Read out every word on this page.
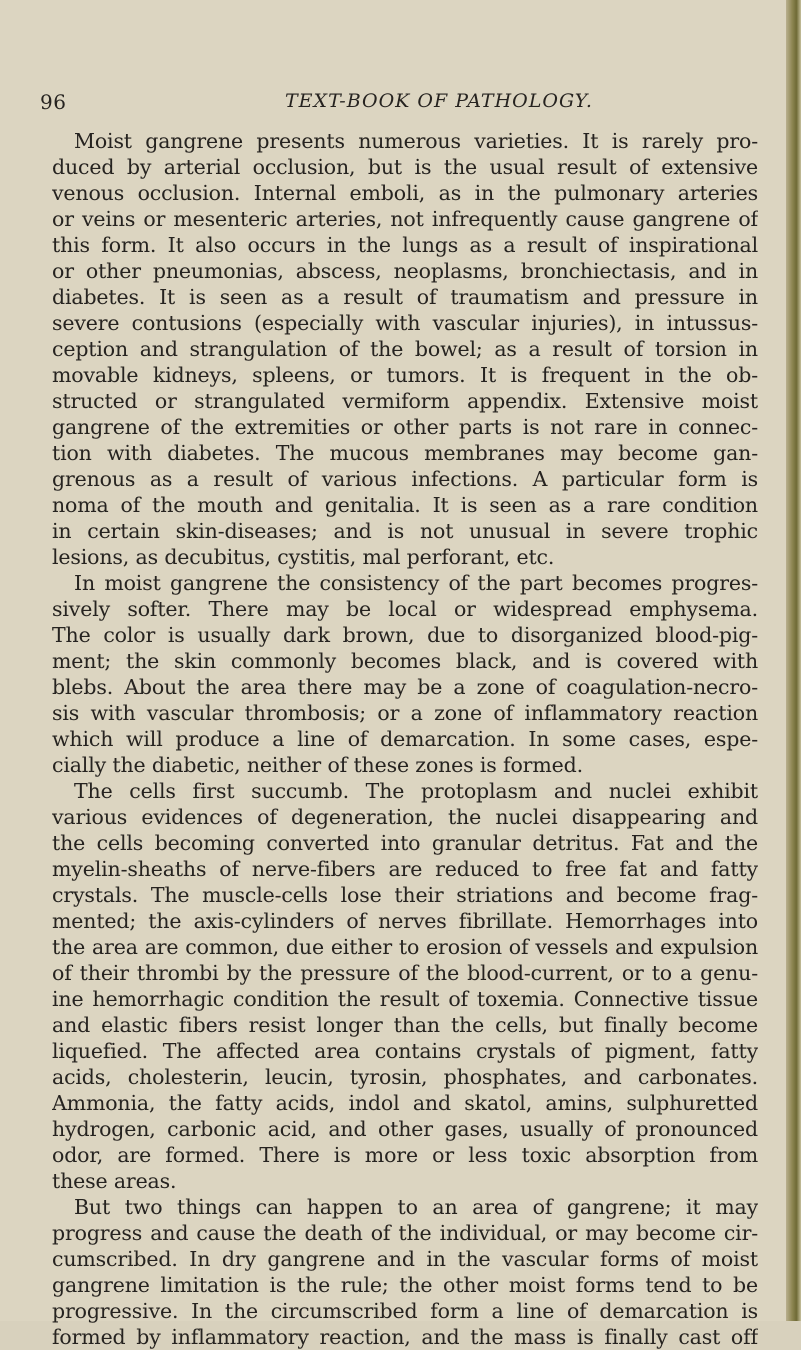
96	TEXT-BOOK OF PATHOLOGY.
Moist gangrene presents numerous varieties. It is rarely pro-
duced by arterial occlusion, but is the usual result of extensive
venous occlusion. Internal emboli, as in the pulmonary arteries
or veins or mesenteric arteries, not infrequently cause gangrene of
this form. It also occurs in the lungs as a result of inspirational
or other pneumonias, abscess, neoplasms, bronchiectasis, and in
diabetes. It is seen as a result of traumatism and pressure in
severe contusions (especially with vascular injuries), in intussus-
ception and strangulation of the bowel; as a result of torsion in
movable kidneys, spleens, or tumors. It is frequent in the ob-
structed or strangulated vermiform appendix. Extensive moist
gangrene of the extremities or other parts is not rare in connec-
tion with diabetes. The mucous membranes may become gan-
grenous as a result of various infections. A particular form is
noma of the mouth and genitalia. It is seen as a rare condition
in certain skin-diseases; and is not unusual in severe trophic
lesions, as decubitus, cystitis, mal perforant, etc.
In moist gangrene the consistency of the part becomes progres-
sively softer. There may be local or widespread emphysema.
The color is usually dark brown, due to disorganized blood-pig-
ment; the skin commonly becomes black, and is covered with
blebs. About the area there may be a zone of coagulation-necro-
sis with vascular thrombosis; or a zone of inflammatory reaction
which will produce a line of demarcation. In some cases, espe-
cially the diabetic, neither of these zones is formed.
The cells first succumb. The protoplasm and nuclei exhibit
various evidences of degeneration, the nuclei disappearing and
the cells becoming converted into granular detritus. Fat and the
myelin-sheaths of nerve-fibers are reduced to free fat and fatty
crystals. The muscle-cells lose their striations and become frag-
mented; the axis-cylinders of nerves fibrillate. Hemorrhages into
the area are common, due either to erosion of vessels and expulsion
of their thrombi by the pressure of the blood-current, or to a genu-
ine hemorrhagic condition the result of toxemia. Connective tissue
and elastic fibers resist longer than the cells, but finally become
liquefied. The affected area contains crystals of pigment, fatty
acids, cholesterin, leucin, tyrosin, phosphates, and carbonates.
Ammonia, the fatty acids, indol and skatol, amins, sulphuretted
hydrogen, carbonic acid, and other gases, usually of pronounced
odor, are formed. There is more or less toxic absorption from
these areas.
But two things can happen to an area of gangrene; it may
progress and cause the death of the individual, or may become cir-
cumscribed. In dry gangrene and in the vascular forms of moist
gangrene limitation is the rule; the other moist forms tend to be
progressive. In the circumscribed form a line of demarcation is
formed by inflammatory reaction, and the mass is finally cast off
